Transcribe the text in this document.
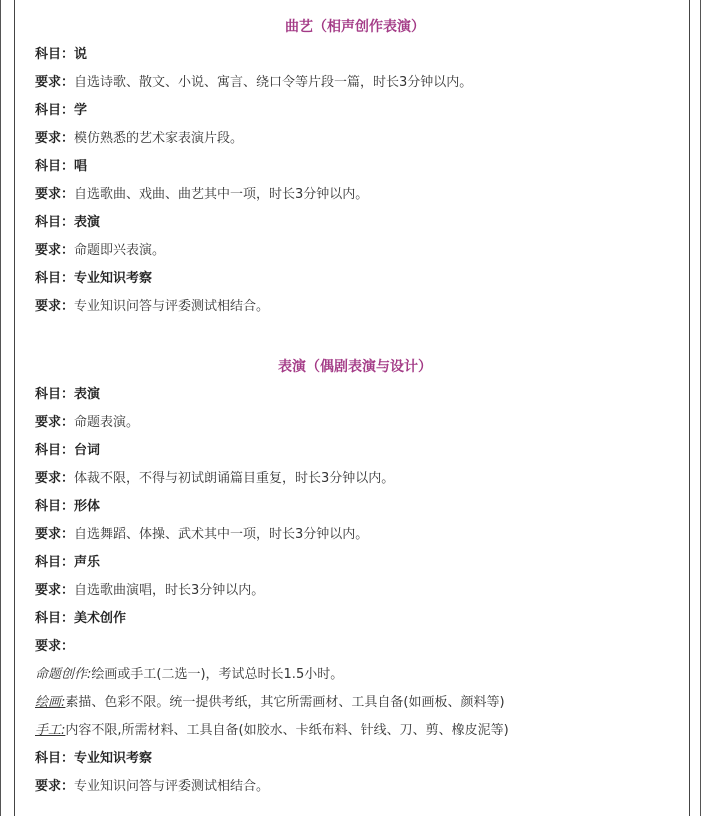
曲艺（相声创作表演）
科目：说
要求：自选诗歌、散文、小说、寓言、绕口令等片段一篇，时长3分钟以内。
科目：学
要求：模仿熟悉的艺术家表演片段。
科目：唱
要求：自选歌曲、戏曲、曲艺其中一项，时长3分钟以内。
科目：表演
要求：命题即兴表演。
科目：专业知识考察
要求：专业知识问答与评委测试相结合。
表演（偶剧表演与设计）
科目：表演
要求：命题表演。
科目：台词
要求：体裁不限，不得与初试朗诵篇目重复，时长3分钟以内。
科目：形体
要求：自选舞蹈、体操、武术其中一项，时长3分钟以内。
科目：声乐
要求：自选歌曲演唱，时长3分钟以内。
科目：美术创作
要求：
命题创作:绘画或手工(二选一)，考试总时长1.5小时。
绘画:素描、色彩不限。统一提供考纸，其它所需画材、工具自备(如画板、颜料等)
手工:内容不限,所需材料、工具自备(如胶水、卡纸布料、针线、刀、剪、橡皮泥等)
科目：专业知识考察
要求：专业知识问答与评委测试相结合。
